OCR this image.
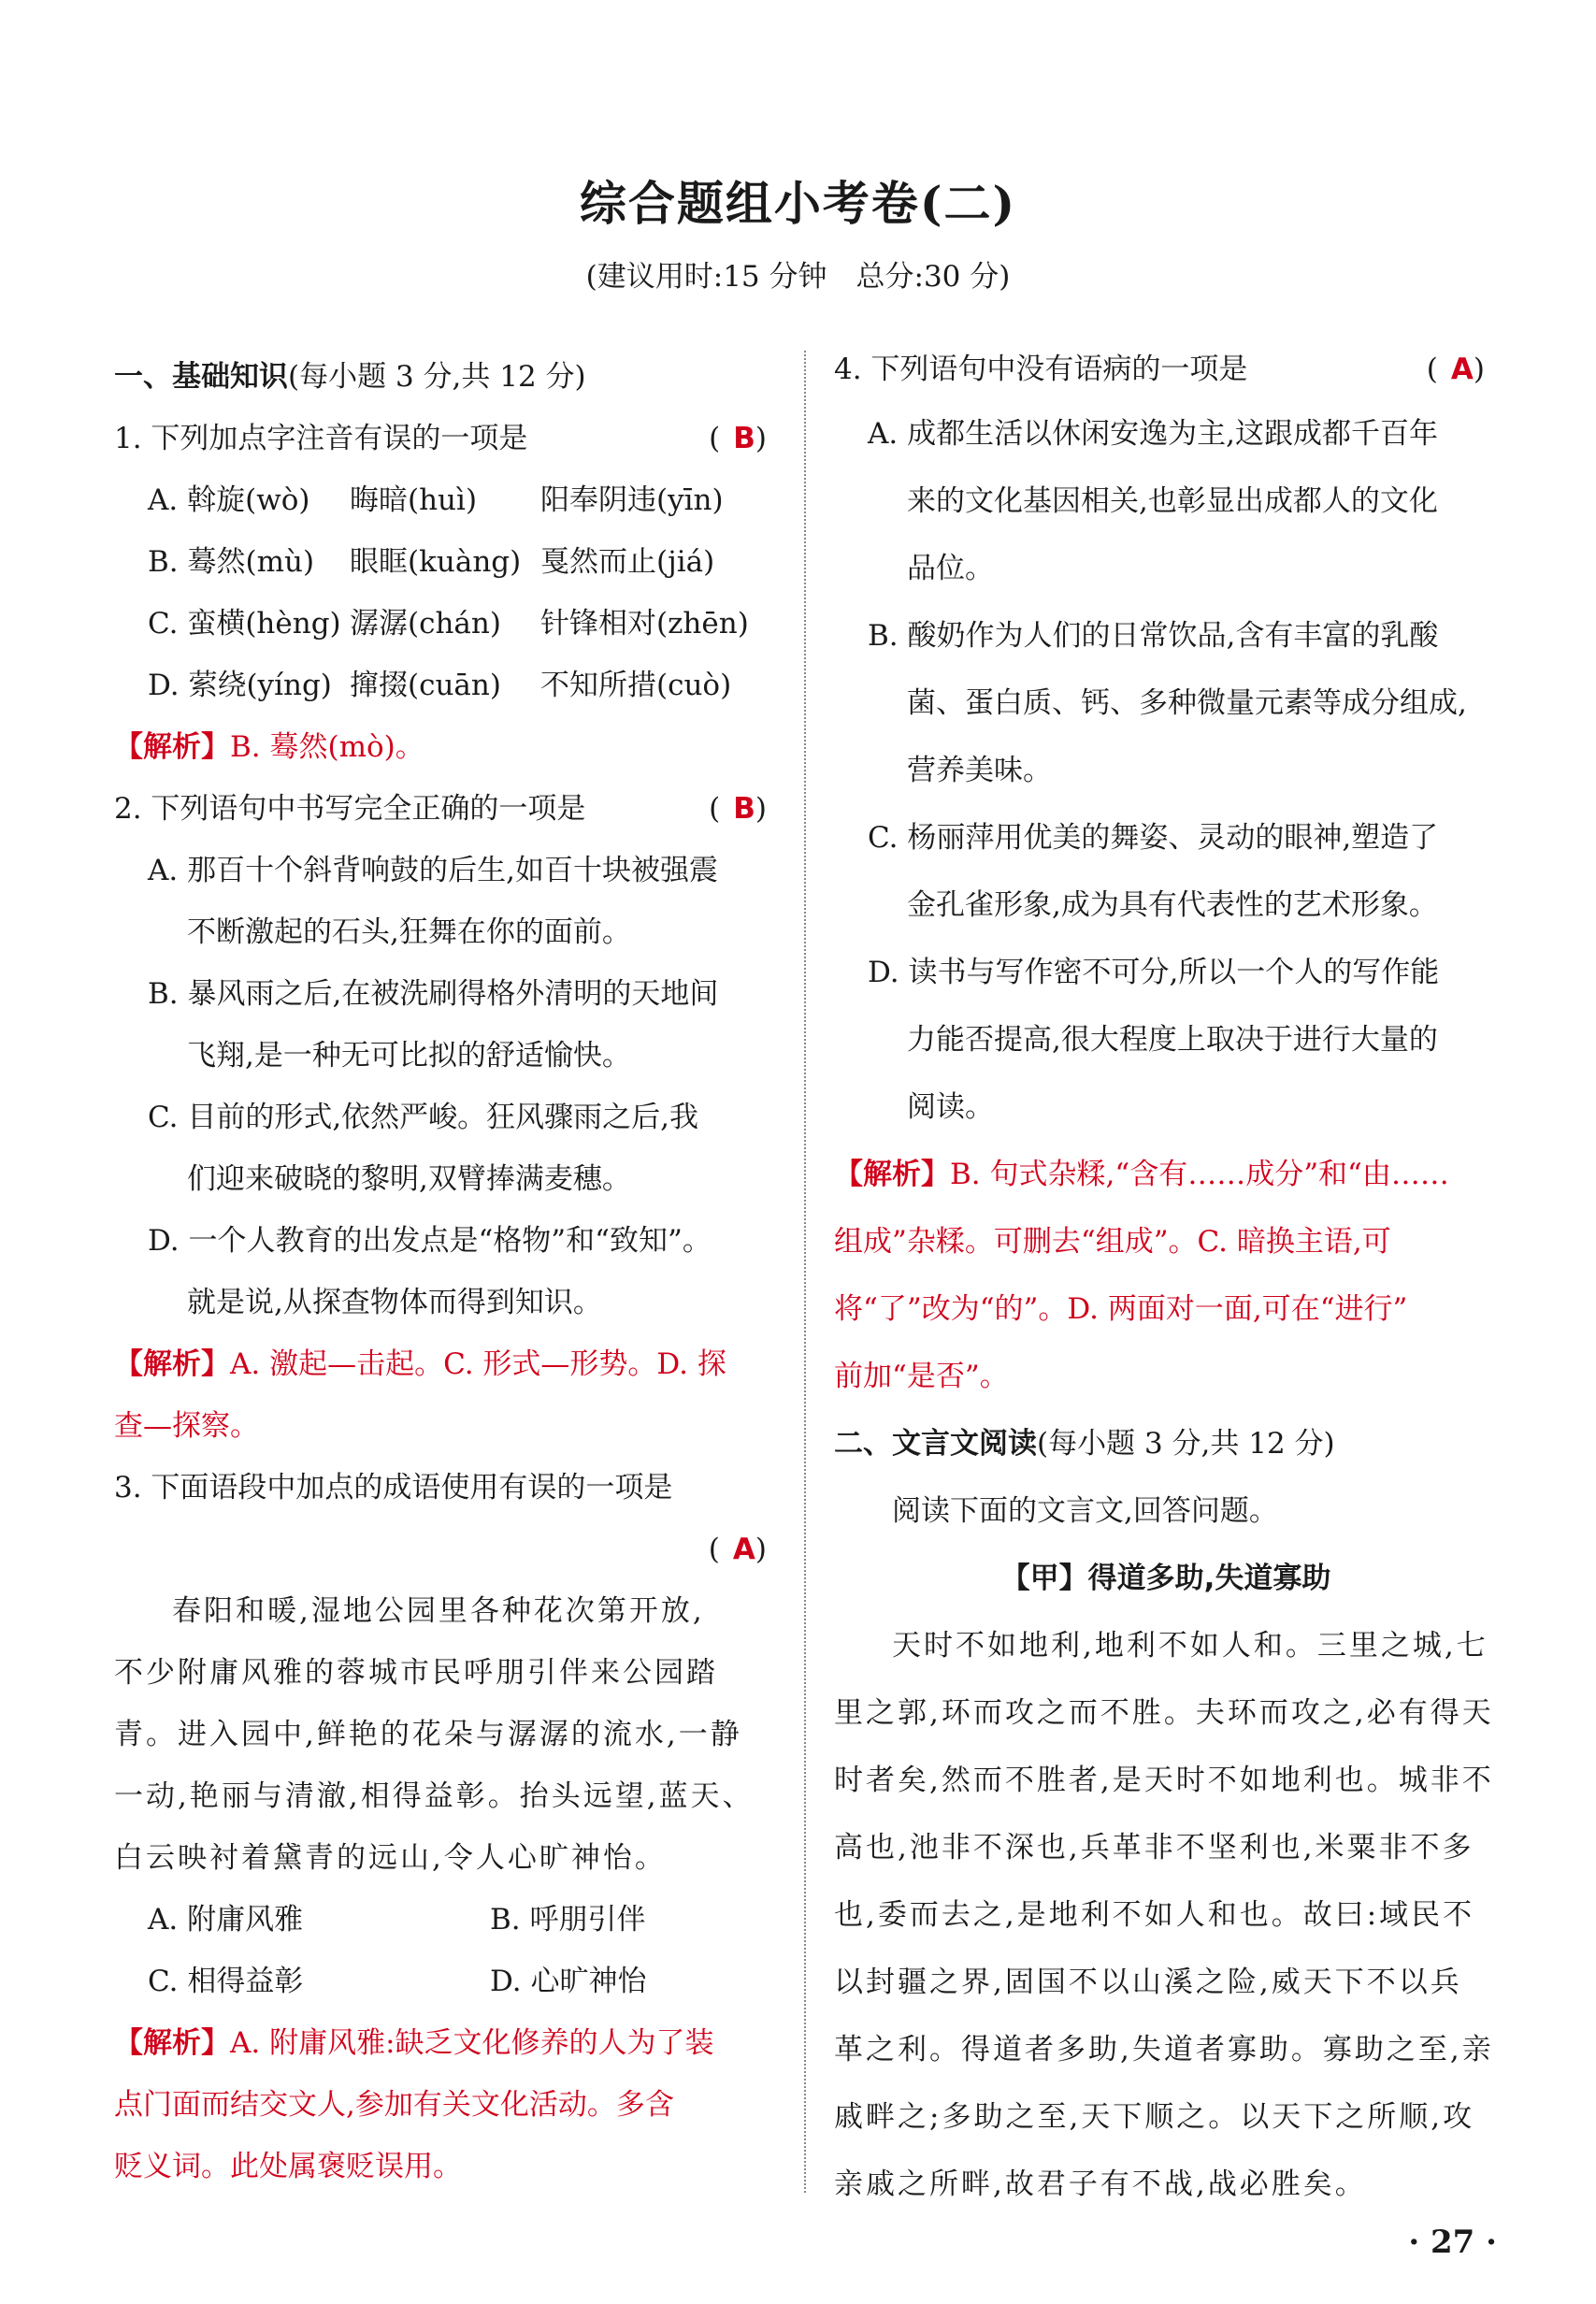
综合题组小考卷(二)
(建议用时:15 分钟　总分:30 分)
一、基础知识(每小题 3 分,共 12 分)
1. 下列加点字注音有误的一项是	(B)
A. 斡旋(wò) 晦暗(huì) 阳奉阴违(yīn)
B. 蓦然(mù) 眼眶(kuàng) 戛然而止(jiá)
C. 蛮横(hèng) 潺潺(chán) 针锋相对(zhēn)
D. 萦绕(yíng) 撺掇(cuān) 不知所措(cuò)
【解析】B. 蓦然(mò)。
2. 下列语句中书写完全正确的一项是	(B)
A. 那百十个斜背响鼓的后生,如百十块被强震
不断激起的石头,狂舞在你的面前。
B. 暴风雨之后,在被洗刷得格外清明的天地间
飞翔,是一种无可比拟的舒适愉快。
C. 目前的形式,依然严峻。狂风骤雨之后,我
们迎来破晓的黎明,双臂捧满麦穗。
D. 一个人教育的出发点是“格物”和“致知”。
就是说,从探查物体而得到知识。
【解析】A. 激起—击起。C. 形式—形势。D. 探
查—探察。
3. 下面语段中加点的成语使用有误的一项是
(A)
春阳和暖,湿地公园里各种花次第开放,
不少附庸风雅的蓉城市民呼朋引伴来公园踏
青。进入园中,鲜艳的花朵与潺潺的流水,一静
一动,艳丽与清澈,相得益彰。抬头远望,蓝天、
白云映衬着黛青的远山,令人心旷神怡。
A. 附庸风雅	B. 呼朋引伴
C. 相得益彰	D. 心旷神怡
【解析】A. 附庸风雅:缺乏文化修养的人为了装
点门面而结交文人,参加有关文化活动。多含
贬义词。此处属褒贬误用。
4. 下列语句中没有语病的一项是	(A)
A. 成都生活以休闲安逸为主,这跟成都千百年
来的文化基因相关,也彰显出成都人的文化
品位。
B. 酸奶作为人们的日常饮品,含有丰富的乳酸
菌、蛋白质、钙、多种微量元素等成分组成,
营养美味。
C. 杨丽萍用优美的舞姿、灵动的眼神,塑造了
金孔雀形象,成为具有代表性的艺术形象。
D. 读书与写作密不可分,所以一个人的写作能
力能否提高,很大程度上取决于进行大量的
阅读。
【解析】B. 句式杂糅,“含有……成分”和“由……
组成”杂糅。可删去“组成”。C. 暗换主语,可
将“了”改为“的”。D. 两面对一面,可在“进行”
前加“是否”。
二、文言文阅读(每小题 3 分,共 12 分)
阅读下面的文言文,回答问题。
【甲】得道多助,失道寡助
天时不如地利,地利不如人和。三里之城,七
里之郭,环而攻之而不胜。夫环而攻之,必有得天
时者矣,然而不胜者,是天时不如地利也。城非不
高也,池非不深也,兵革非不坚利也,米粟非不多
也,委而去之,是地利不如人和也。故曰:域民不
以封疆之界,固国不以山溪之险,威天下不以兵
革之利。得道者多助,失道者寡助。寡助之至,亲
戚畔之;多助之至,天下顺之。以天下之所顺,攻
亲戚之所畔,故君子有不战,战必胜矣。
· 27 ·
